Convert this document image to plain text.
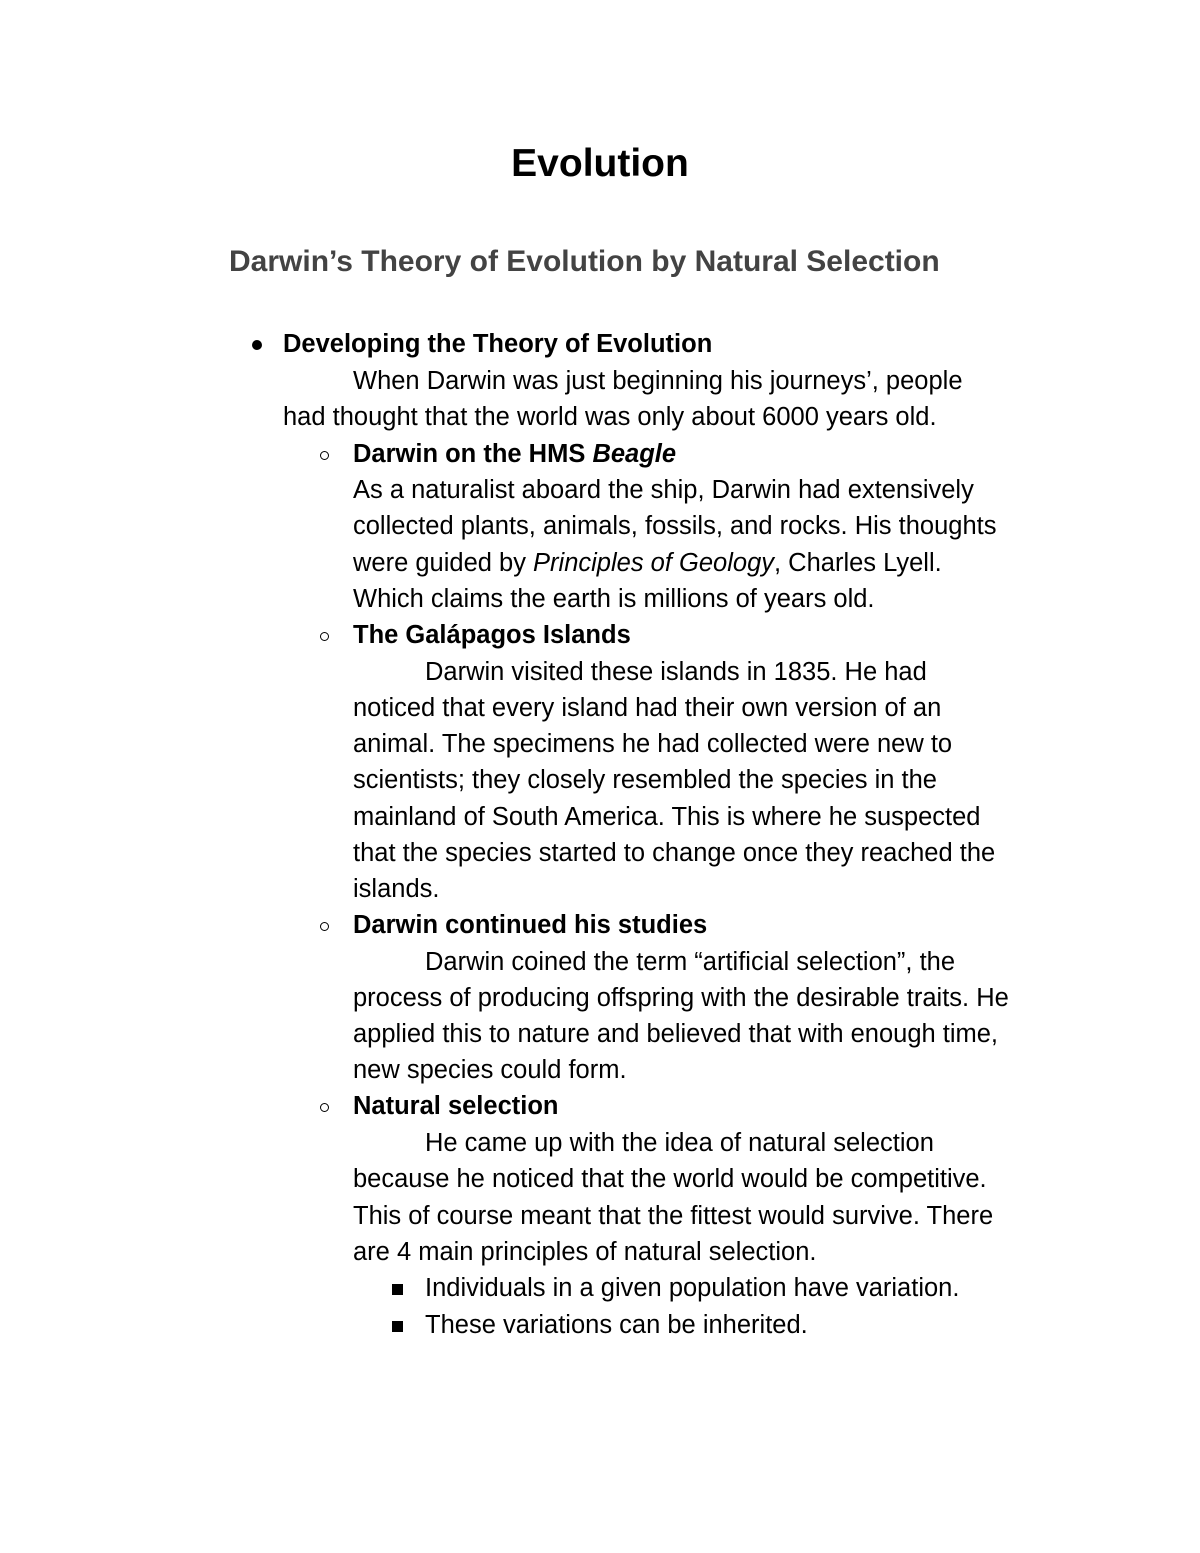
Evolution
Darwin’s Theory of Evolution by Natural Selection
Developing the Theory of Evolution
When Darwin was just beginning his journeys’, people
had thought that the world was only about 6000 years old.
Darwin on the HMS Beagle
As a naturalist aboard the ship, Darwin had extensively
collected plants, animals, fossils, and rocks. His thoughts
were guided by Principles of Geology, Charles Lyell.
Which claims the earth is millions of years old.
The Galápagos Islands
Darwin visited these islands in 1835. He had
noticed that every island had their own version of an
animal. The specimens he had collected were new to
scientists; they closely resembled the species in the
mainland of South America. This is where he suspected
that the species started to change once they reached the
islands.
Darwin continued his studies
Darwin coined the term “artificial selection”, the
process of producing offspring with the desirable traits. He
applied this to nature and believed that with enough time,
new species could form.
Natural selection
He came up with the idea of natural selection
because he noticed that the world would be competitive.
This of course meant that the fittest would survive. There
are 4 main principles of natural selection.
Individuals in a given population have variation.
These variations can be inherited.
